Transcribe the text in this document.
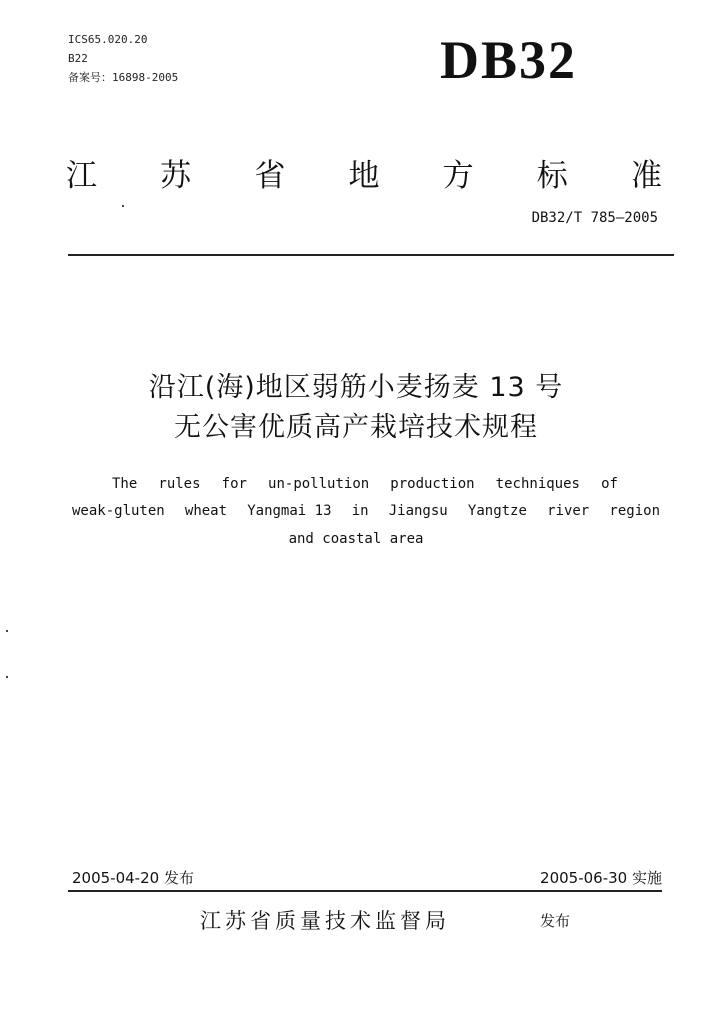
ICS65.020.20
B22
备案号：16898-2005	DB32
江 苏 省 地 方 标 准
DB32/T 785—2005
沿江(海)地区弱筋小麦扬麦 13 号
无公害优质高产栽培技术规程
The rules for un-pollution production techniques of
weak-gluten wheat Yangmai 13 in Jiangsu Yangtze river region
and coastal area
2005-04-20 发布	2005-06-30 实施
江苏省质量技术监督局	发布
